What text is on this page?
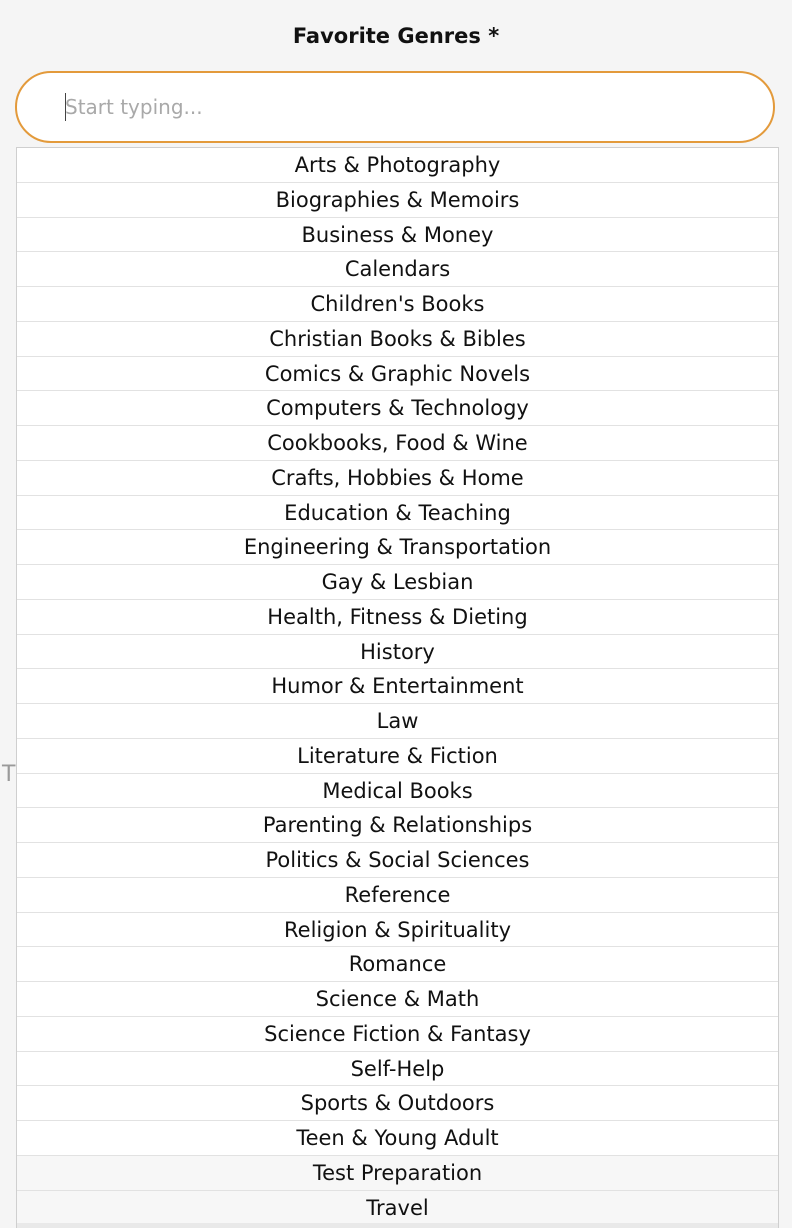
Favorite Genres *
Start typing...
T
Arts & Photography
Biographies & Memoirs
Business & Money
Calendars
Children's Books
Christian Books & Bibles
Comics & Graphic Novels
Computers & Technology
Cookbooks, Food & Wine
Crafts, Hobbies & Home
Education & Teaching
Engineering & Transportation
Gay & Lesbian
Health, Fitness & Dieting
History
Humor & Entertainment
Law
Literature & Fiction
Medical Books
Parenting & Relationships
Politics & Social Sciences
Reference
Religion & Spirituality
Romance
Science & Math
Science Fiction & Fantasy
Self-Help
Sports & Outdoors
Teen & Young Adult
Test Preparation
Travel
